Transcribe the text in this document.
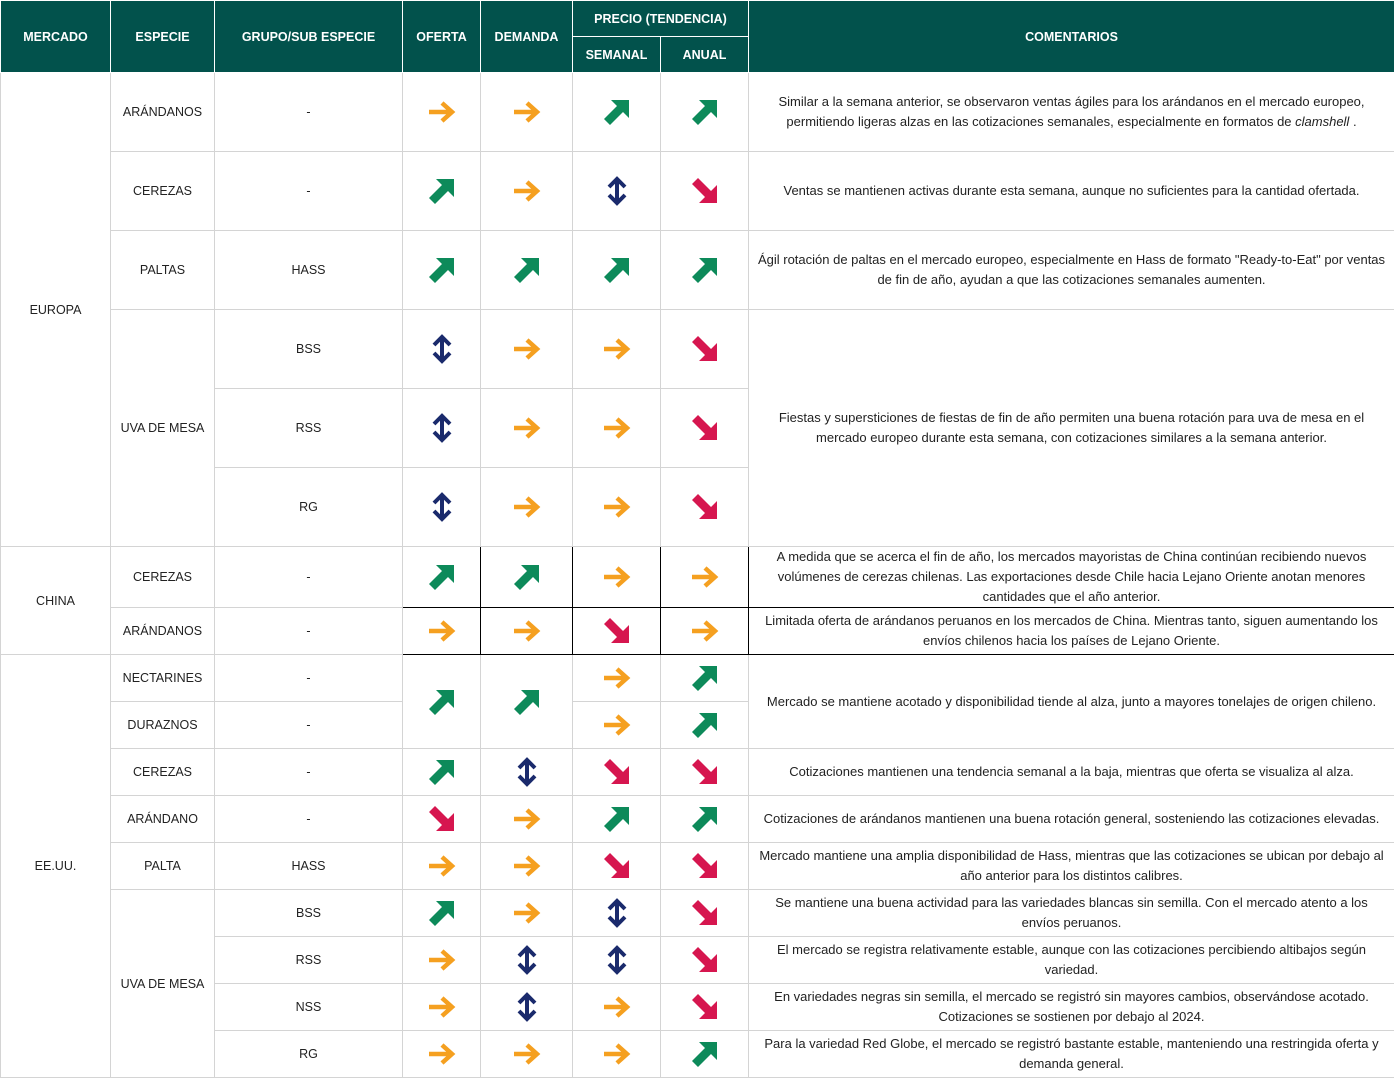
MERCADO	ESPECIE	GRUPO/SUB ESPECIE	OFERTA	DEMANDA	PRECIO (TENDENCIA)		COMENTARIOS
					SEMANAL	ANUAL	
EUROPA	ARÁNDANOS	-					Similar a la semana anterior, se observaron ventas ágiles para los arándanos en el mercado europeo, permitiendo ligeras alzas en las cotizaciones semanales, especialmente en formatos de clamshell .
	CEREZAS	-					Ventas se mantienen activas durante esta semana, aunque no suficientes para la cantidad ofertada.
	PALTAS	HASS					Ágil rotación de paltas en el mercado europeo, especialmente en Hass de formato "Ready-to-Eat" por ventas de fin de año, ayudan a que las cotizaciones semanales aumenten.
	UVA DE MESA	BSS					Fiestas y supersticiones de fiestas de fin de año permiten una buena rotación para uva de mesa en el mercado europeo durante esta semana, con cotizaciones similares a la semana anterior.
		RSS				
		RG				
CHINA	CEREZAS	-					A medida que se acerca el fin de año, los mercados mayoristas de China continúan recibiendo nuevos volúmenes de cerezas chilenas. Las exportaciones desde Chile hacia Lejano Oriente anotan menores cantidades que el año anterior.
	ARÁNDANOS	-					Limitada oferta de arándanos peruanos en los mercados de China. Mientras tanto, siguen aumentando los envíos chilenos hacia los países de Lejano Oriente.
EE.UU.	NECTARINES	-					Mercado se mantiene acotado y disponibilidad tiende al alza, junto a mayores tonelajes de origen chileno.
	DURAZNOS	-		
	CEREZAS	-					Cotizaciones mantienen una tendencia semanal a la baja, mientras que oferta se visualiza al alza.
	ARÁNDANO	-					Cotizaciones de arándanos mantienen una buena rotación general, sosteniendo las cotizaciones elevadas.
	PALTA	HASS					Mercado mantiene una amplia disponibilidad de Hass, mientras que las cotizaciones se ubican por debajo al año anterior para los distintos calibres.
	UVA DE MESA	BSS					Se mantiene una buena actividad para las variedades blancas sin semilla. Con el mercado atento a los envíos peruanos.
		RSS					El mercado se registra relativamente estable, aunque con las cotizaciones percibiendo altibajos según variedad.
		NSS					En variedades negras sin semilla, el mercado se registró sin mayores cambios, observándose acotado. Cotizaciones se sostienen por debajo al 2024.
		RG					Para la variedad Red Globe, el mercado se registró bastante estable, manteniendo una restringida oferta y demanda general.
